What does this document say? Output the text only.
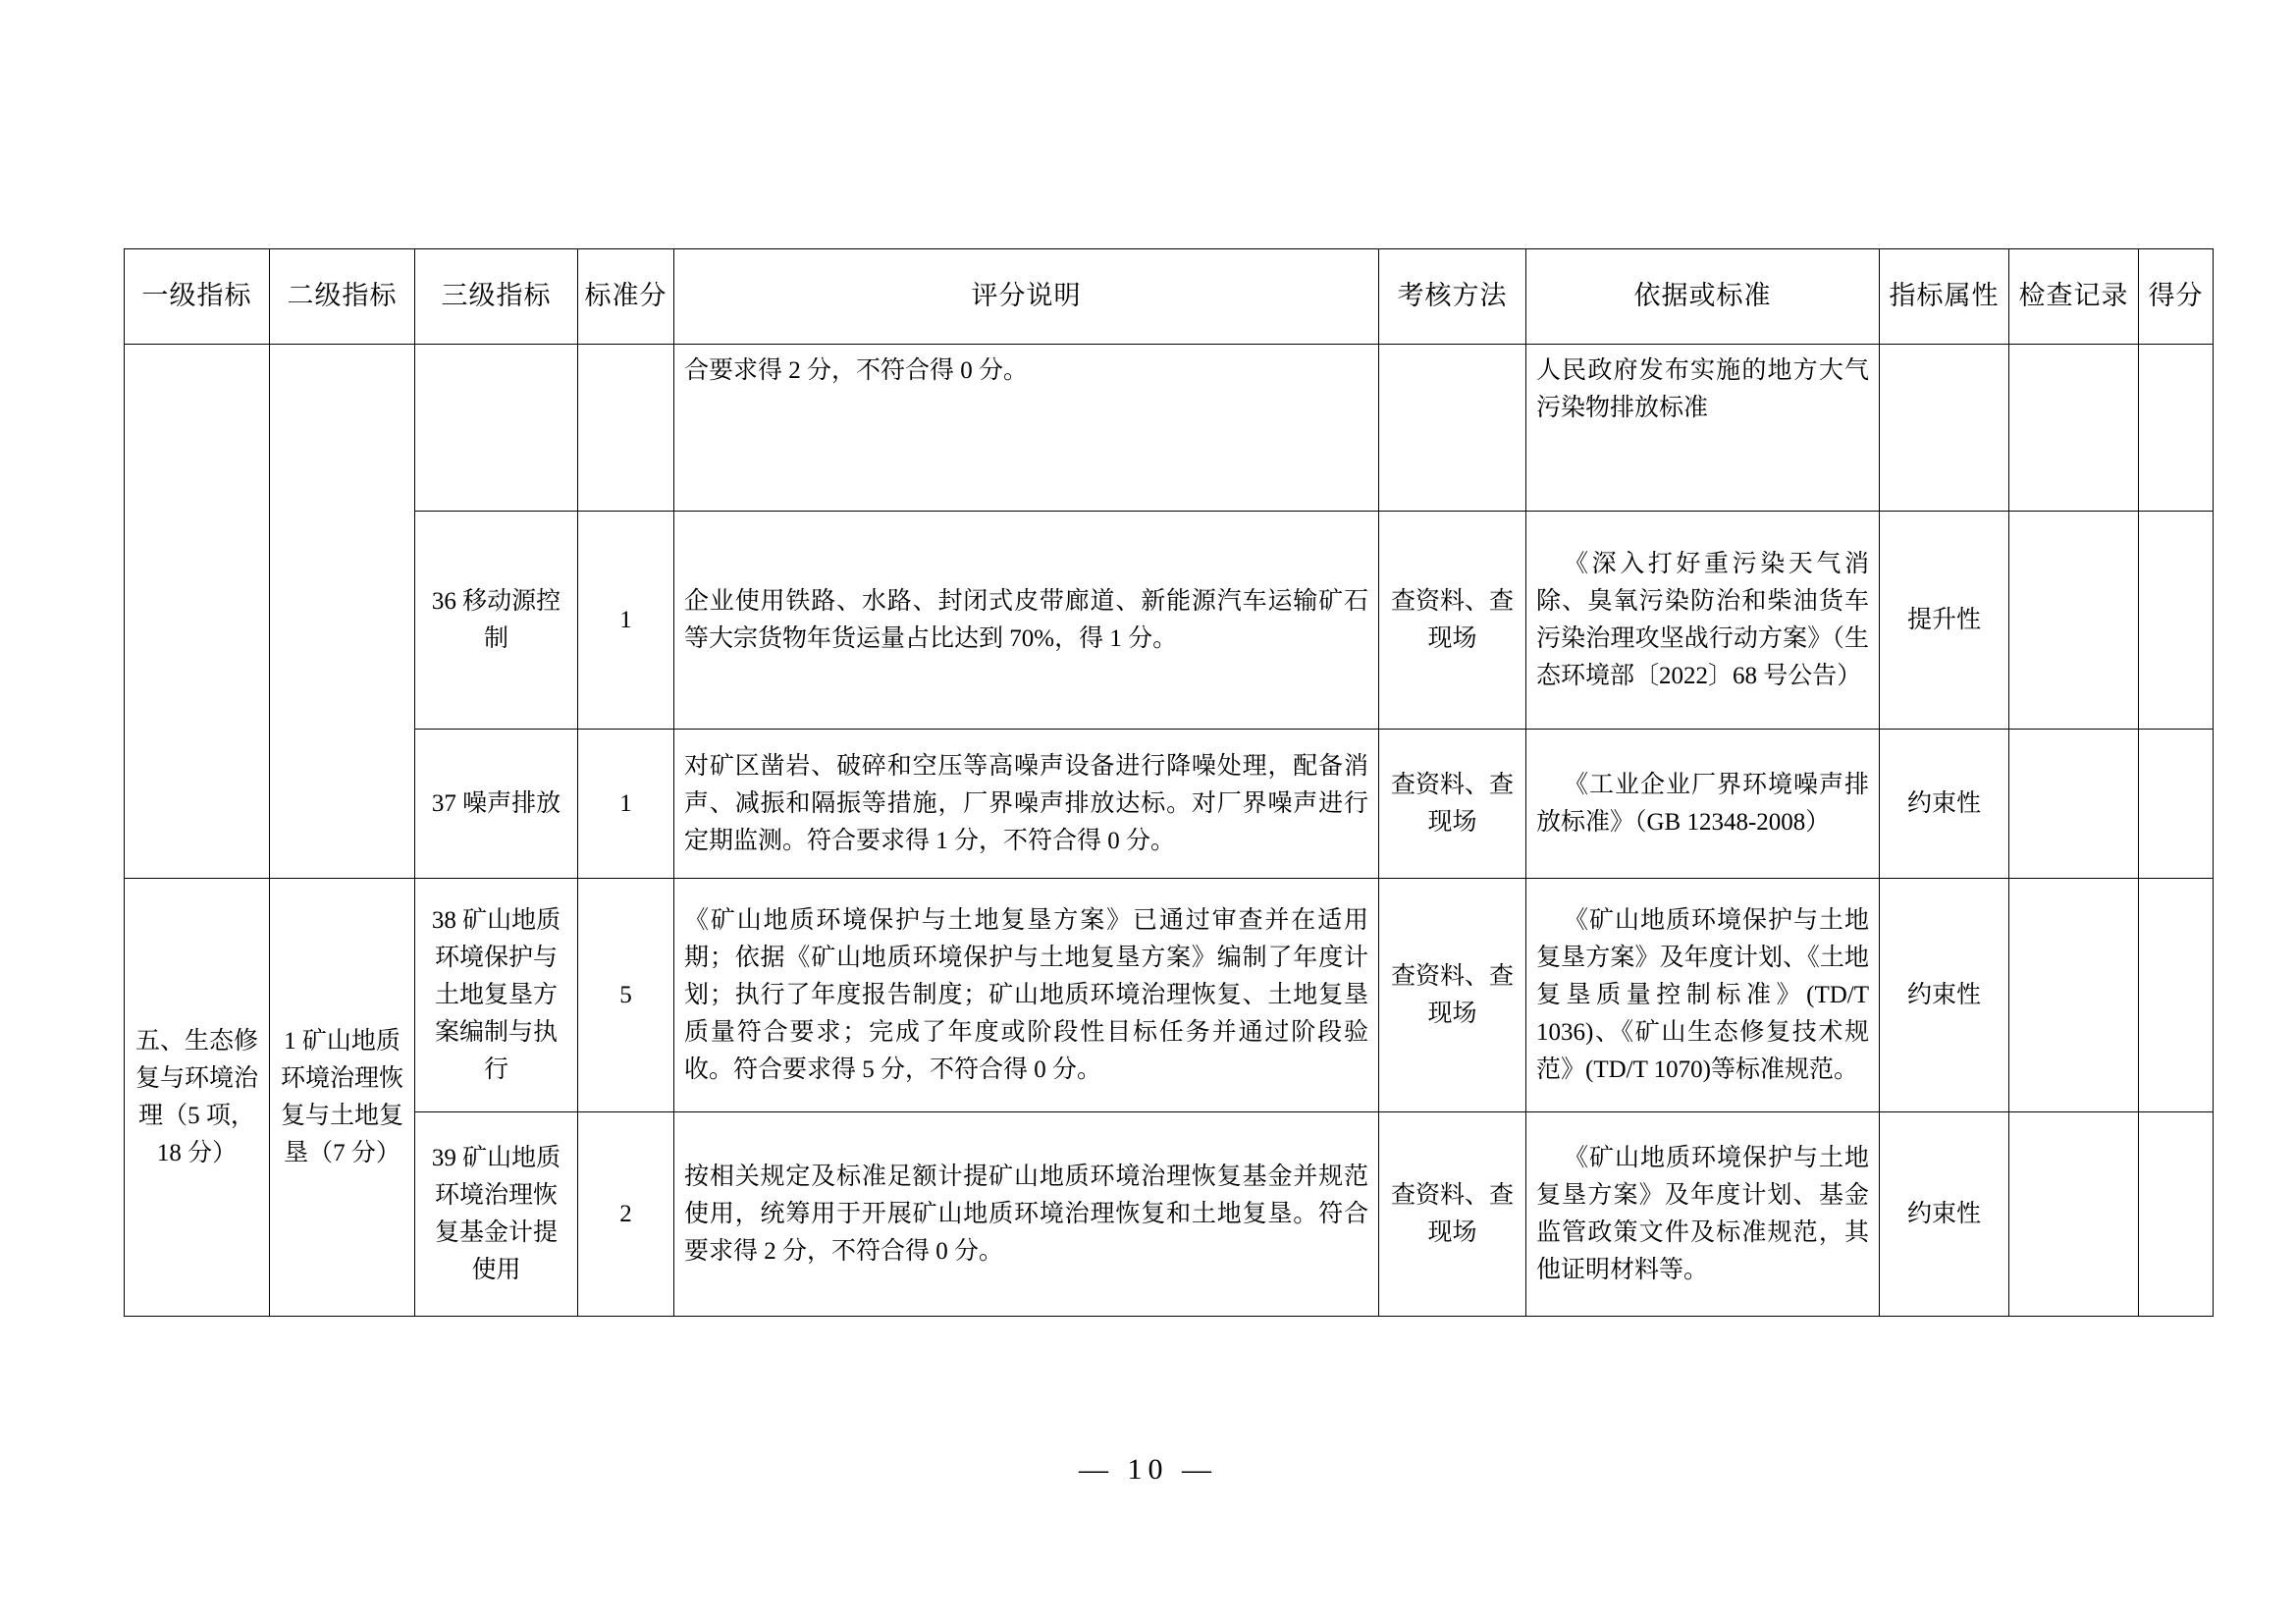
一级指标	二级指标	三级指标	标准分	评分说明	考核方法	依据或标准	指标属性	检查记录	得分
				合要求得 2 分，不符合得 0 分。		人民政府发布实施的地方大气污染物排放标准			
		36 移动源控制	1	企业使用铁路、水路、封闭式皮带廊道、新能源汽车运输矿石等大宗货物年货运量占比达到 70%，得 1 分。	查资料、查现场	《深入打好重污染天气消除、臭氧污染防治和柴油货车污染治理攻坚战行动方案》（生态环境部〔2022〕68 号公告）	提升性		
		37 噪声排放	1	对矿区凿岩、破碎和空压等高噪声设备进行降噪处理，配备消声、减振和隔振等措施，厂界噪声排放达标。对厂界噪声进行定期监测。符合要求得 1 分，不符合得 0 分。	查资料、查现场	《工业企业厂界环境噪声排放标准》（GB 12348-2008）	约束性		
五、生态修复与环境治理（5 项，18 分）	1 矿山地质环境治理恢复与土地复垦（7 分）	38 矿山地质环境保护与土地复垦方案编制与执行	5	《矿山地质环境保护与土地复垦方案》已通过审查并在适用期；依据《矿山地质环境保护与土地复垦方案》编制了年度计划；执行了年度报告制度；矿山地质环境治理恢复、土地复垦质量符合要求；完成了年度或阶段性目标任务并通过阶段验收。符合要求得 5 分，不符合得 0 分。	查资料、查现场	《矿山地质环境保护与土地复垦方案》及年度计划、《土地复垦质量控制标准》(TD/T 1036)、《矿山生态修复技术规范》(TD/T 1070)等标准规范。	约束性		
		39 矿山地质环境治理恢复基金计提使用	2	按相关规定及标准足额计提矿山地质环境治理恢复基金并规范使用，统筹用于开展矿山地质环境治理恢复和土地复垦。符合要求得 2 分，不符合得 0 分。	查资料、查现场	《矿山地质环境保护与土地复垦方案》及年度计划、基金监管政策文件及标准规范，其他证明材料等。	约束性		
— 10 —
